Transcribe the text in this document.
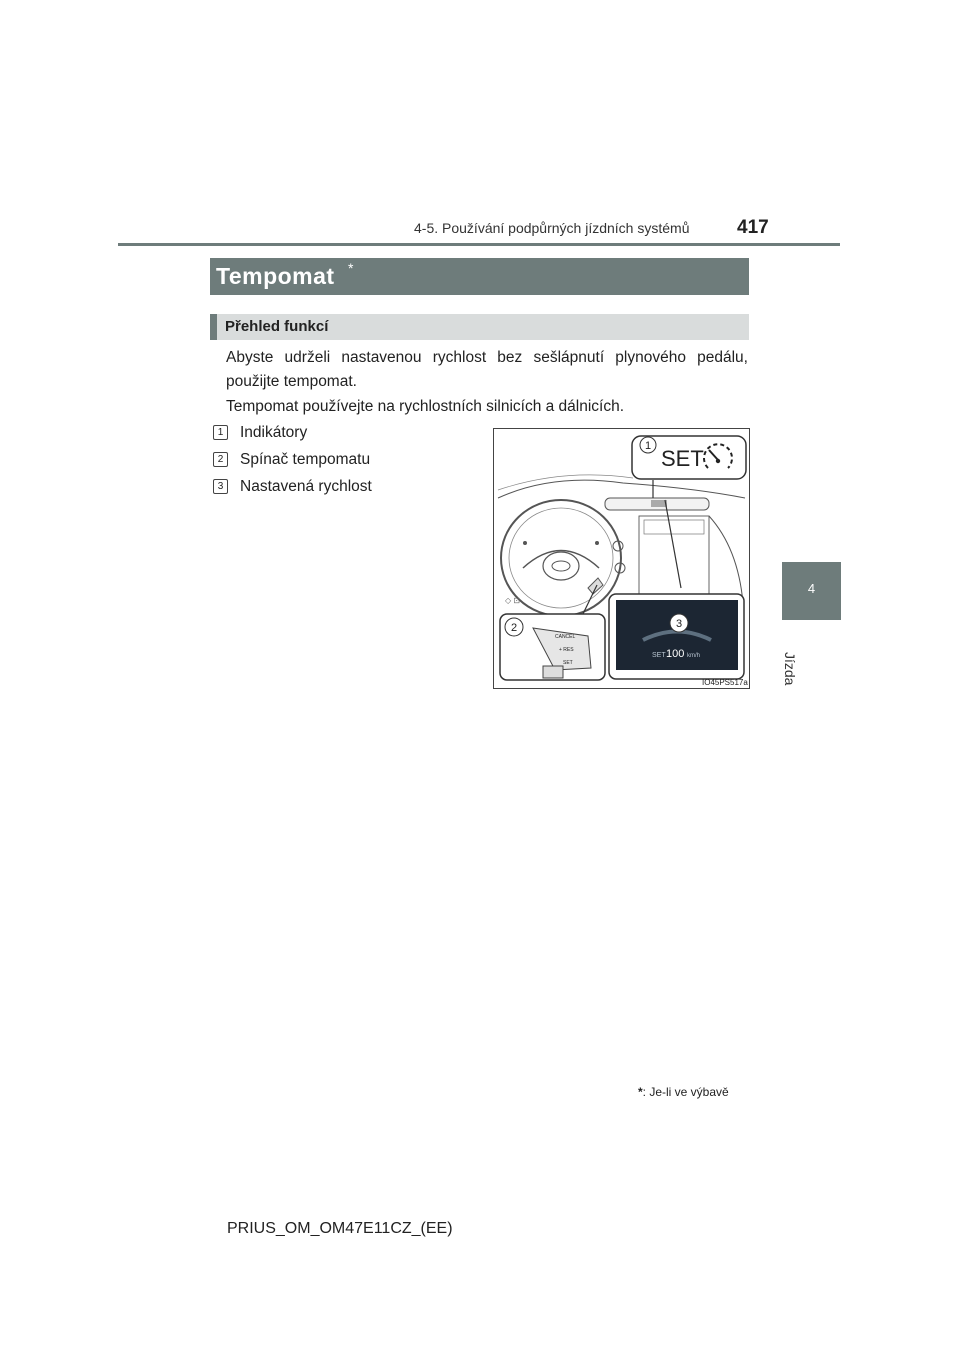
4-5. Používání podpůrných jízdních systémů	417
4
Jízda
Tempomat *
Přehled funkcí
Abyste udrželi nastavenou rychlost bez sešlápnutí plynového pedálu, použijte tempomat.
Tempomat používejte na rychlostních silnicích a dálnicích.
1 Indikátory
2 Spínač tempomatu
3 Nastavená rychlost
◇ ⊡
1 SET
2
CANCEL
+ RES
SET
3
SET 100 km/h
IO45PS517a
*: Je-li ve výbavě
PRIUS_OM_OM47E11CZ_(EE)
